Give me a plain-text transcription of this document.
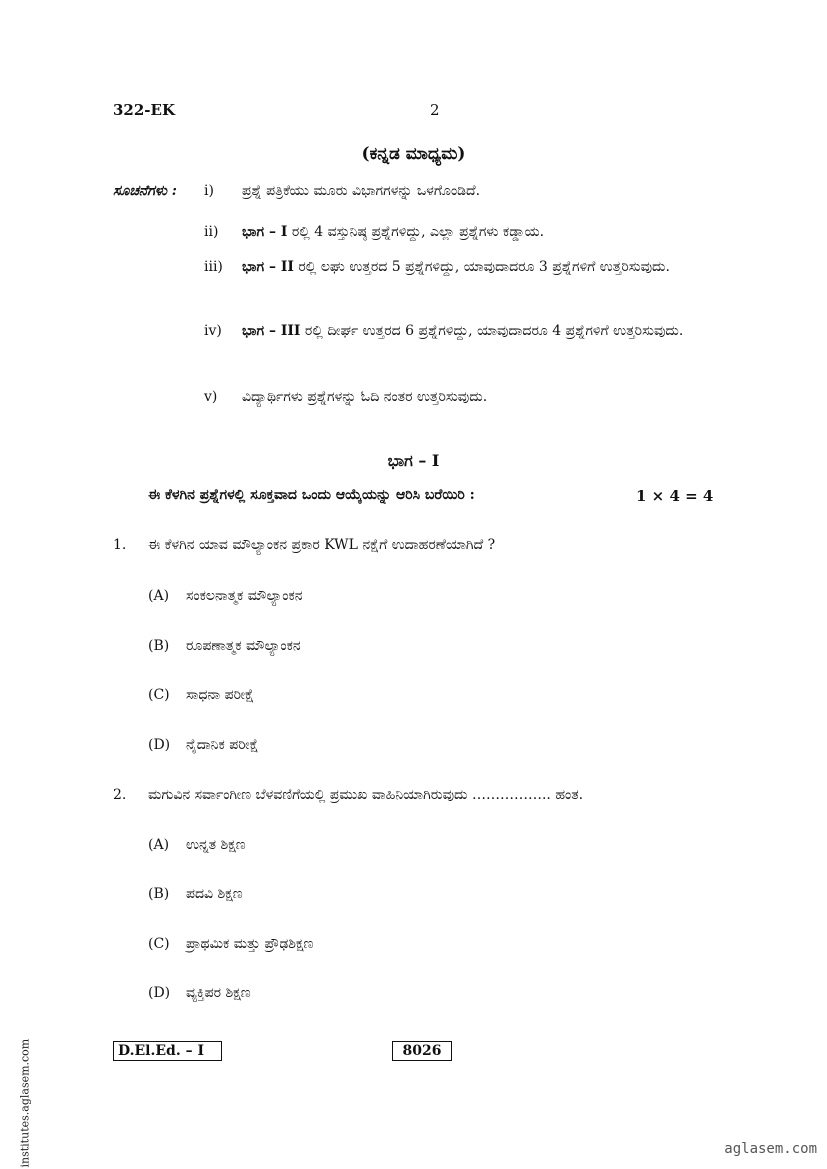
322-EK	2
(ಕನ್ನಡ ಮಾಧ್ಯಮ)
ಸೂಚನೆಗಳು : i) ಪ್ರಶ್ನೆ ಪತ್ರಿಕೆಯು ಮೂರು ವಿಭಾಗಗಳನ್ನು ಒಳಗೊಂಡಿದೆ.
ii) ಭಾಗ – I ರಲ್ಲಿ 4 ವಸ್ತುನಿಷ್ಠ ಪ್ರಶ್ನೆಗಳಿದ್ದು, ಎಲ್ಲಾ ಪ್ರಶ್ನೆಗಳು ಕಡ್ಡಾಯ.
iii) ಭಾಗ – II ರಲ್ಲಿ ಲಘು ಉತ್ತರದ 5 ಪ್ರಶ್ನೆಗಳಿದ್ದು, ಯಾವುದಾದರೂ 3 ಪ್ರಶ್ನೆಗಳಿಗೆ ಉತ್ತರಿಸುವುದು.
iv) ಭಾಗ – III ರಲ್ಲಿ ದೀರ್ಘ ಉತ್ತರದ 6 ಪ್ರಶ್ನೆಗಳಿದ್ದು, ಯಾವುದಾದರೂ 4 ಪ್ರಶ್ನೆಗಳಿಗೆ ಉತ್ತರಿಸುವುದು.
v) ವಿದ್ಯಾರ್ಥಿಗಳು ಪ್ರಶ್ನೆಗಳನ್ನು ಓದಿ ನಂತರ ಉತ್ತರಿಸುವುದು.
ಭಾಗ – I
ಈ ಕೆಳಗಿನ ಪ್ರಶ್ನೆಗಳಲ್ಲಿ ಸೂಕ್ತವಾದ ಒಂದು ಆಯ್ಕೆಯನ್ನು ಆರಿಸಿ ಬರೆಯಿರಿ :	1 × 4 = 4
1. ಈ ಕೆಳಗಿನ ಯಾವ ಮೌಲ್ಯಾಂಕನ ಪ್ರಕಾರ KWL ನಕ್ಷೆಗೆ ಉದಾಹರಣೆಯಾಗಿದೆ ?
(A) ಸಂಕಲನಾತ್ಮಕ ಮೌಲ್ಯಾಂಕನ
(B) ರೂಪಣಾತ್ಮಕ ಮೌಲ್ಯಾಂಕನ
(C) ಸಾಧನಾ ಪರೀಕ್ಷೆ
(D) ನೈದಾನಿಕ ಪರೀಕ್ಷೆ
2. ಮಗುವಿನ ಸರ್ವಾಂಗೀಣ ಬೆಳವಣಿಗೆಯಲ್ಲಿ ಪ್ರಮುಖ ವಾಹಿನಿಯಾಗಿರುವುದು …………….. ಹಂತ.
(A) ಉನ್ನತ ಶಿಕ್ಷಣ
(B) ಪದವಿ ಶಿಕ್ಷಣ
(C) ಪ್ರಾಥಮಿಕ ಮತ್ತು ಪ್ರೌಢಶಿಕ್ಷಣ
(D) ವ್ಯಕ್ತಿಪರ ಶಿಕ್ಷಣ
D.El.Ed. – I	8026
institutes.aglasem.com	aglasem.com
